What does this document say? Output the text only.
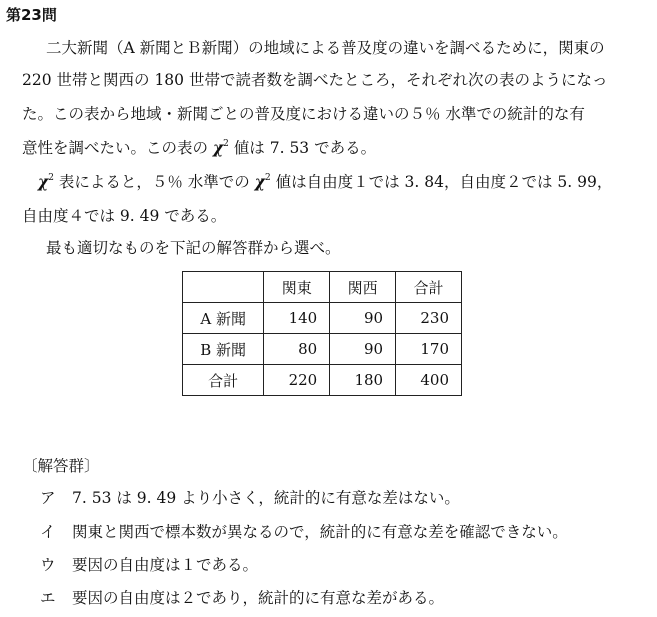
第23問
二大新聞（A 新聞とＢ新聞）の地域による普及度の違いを調べるために，関東の
220 世帯と関西の 180 世帯で読者数を調べたところ，それぞれ次の表のようになっ
た。この表から地域・新聞ごとの普及度における違いの５％ 水準での統計的な有
意性を調べたい。この表の $\chi^2$ 値は 7. 53 である。
$\chi^2$ 表によると，５％ 水準での $\chi^2$ 値は自由度１では 3. 84，自由度２では 5. 99，
自由度４では 9. 49 である。
最も適切なものを下記の解答群から選べ。
	関東	関西	合計
A 新聞	140	90	230
B 新聞	80	90	170
合計	220	180	400
〔解答群〕
ア 7. 53 は 9. 49 より小さく，統計的に有意な差はない。
イ 関東と関西で標本数が異なるので，統計的に有意な差を確認できない。
ウ 要因の自由度は１である。
エ 要因の自由度は２であり，統計的に有意な差がある。
